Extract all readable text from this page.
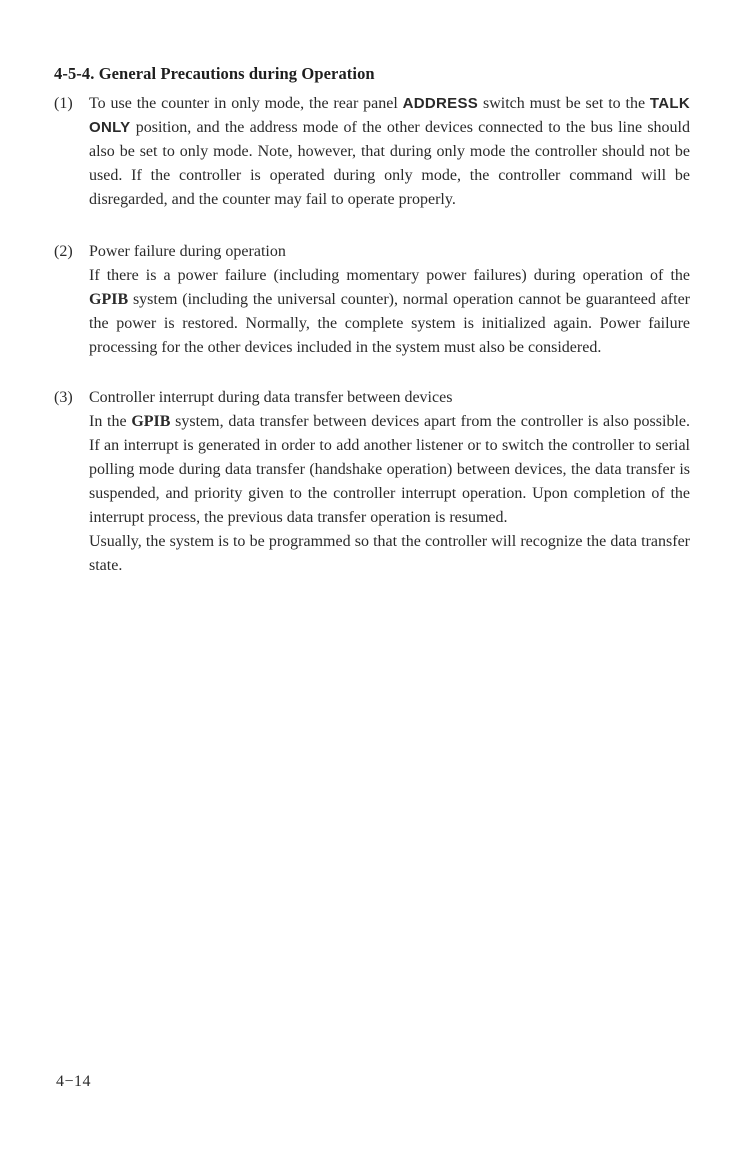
4-5-4. General Precautions during Operation
(1)	To use the counter in only mode, the rear panel ADDRESS switch must be set to the TALK ONLY position, and the address mode of the other devices connected to the bus line should also be set to only mode. Note, however, that during only mode the controller should not be used. If the controller is operated during only mode, the controller command will be disregarded, and the counter may fail to operate properly.

(2)	Power failure during operation

If there is a power failure (including momentary power failures) during operation of the GPIB system (including the universal counter), normal operation cannot be guaranteed after the power is restored. Normally, the complete system is initialized again. Power failure processing for the other devices included in the system must also be considered.

(3)	Controller interrupt during data transfer between devices

In the GPIB system, data transfer between devices apart from the controller is also possible. If an interrupt is generated in order to add another listener or to switch the controller to serial polling mode during data transfer (handshake operation) between devices, the data transfer is suspended, and priority given to the controller interrupt operation. Upon completion of the interrupt process, the previous data transfer operation is resumed.

Usually, the system is to be programmed so that the controller will recognize the data transfer state.

4−14
